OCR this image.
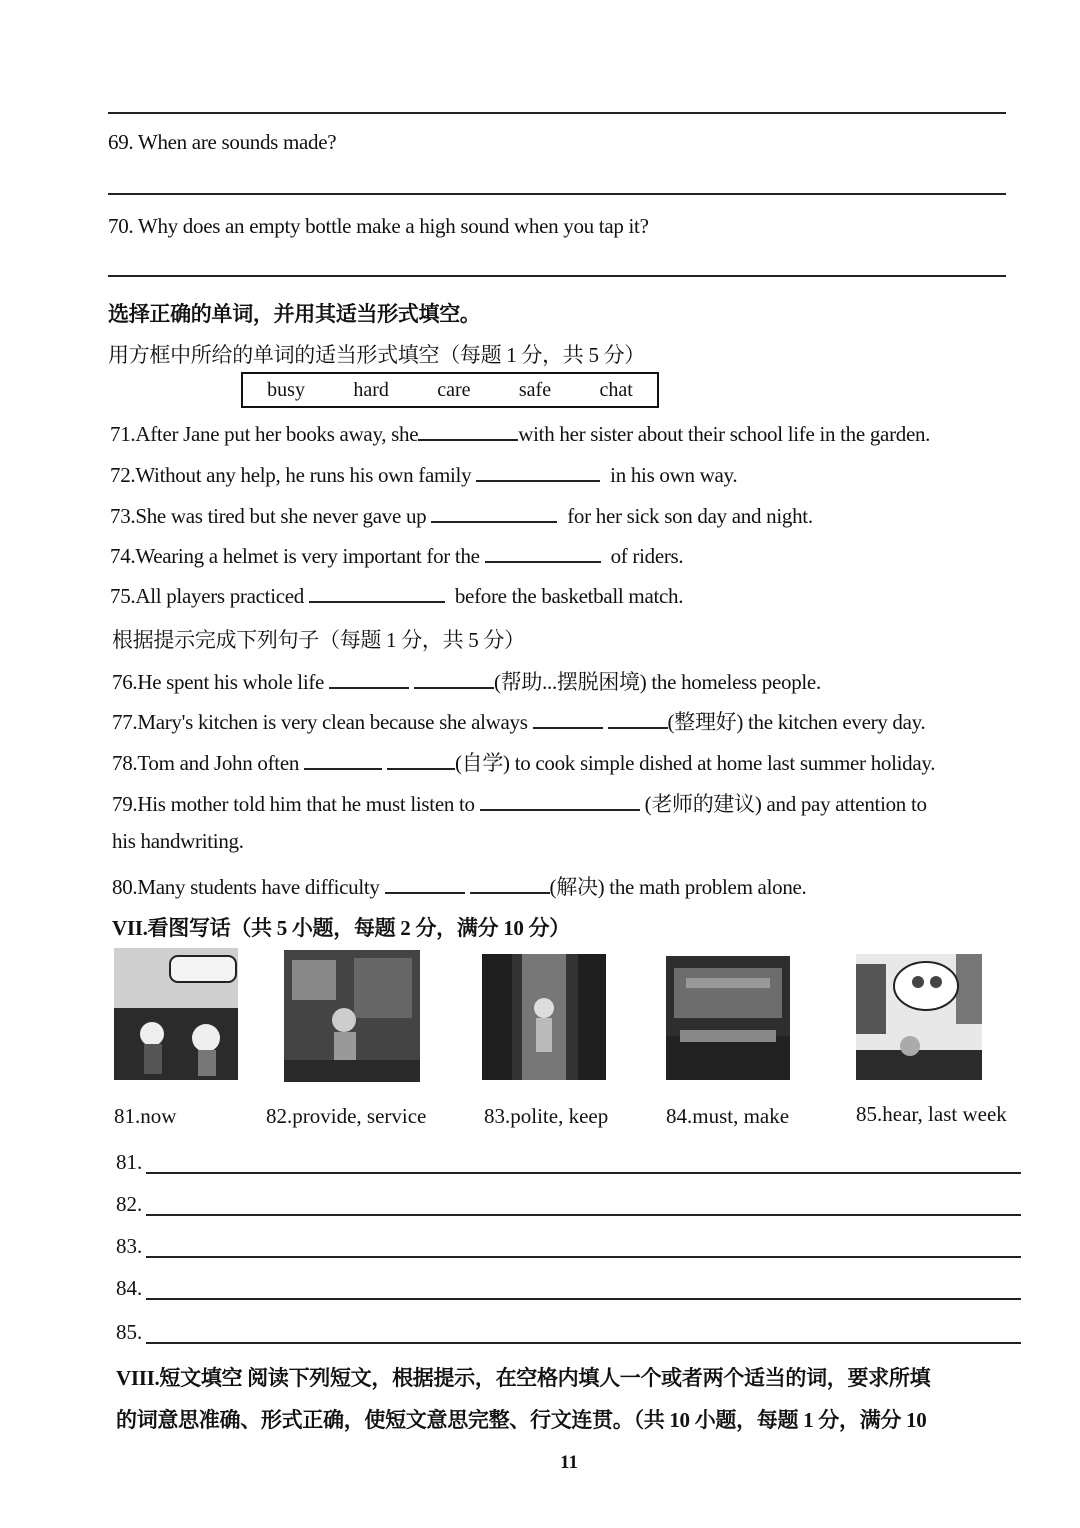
69. When are sounds made?
70. Why does an empty bottle make a high sound when you tap it?
选择正确的单词，并用其适当形式填空。
用方框中所给的单词的适当形式填空（每题 1 分，共 5 分）
busy hard care safe chat
71.After Jane put her books away, she	with her sister about their school life in the garden.
72.Without any help, he runs his own family	in his own way.
73.She was tired but she never gave up	for her sick son day and night.
74.Wearing a helmet is very important for the	of riders.
75.All players practiced	before the basketball match.
根据提示完成下列句子（每题 1 分，共 5 分）
76.He spent his whole life	(帮助...摆脱困境) the homeless people.
77.Mary's kitchen is very clean because she always	(整理好) the kitchen every day.
78.Tom and John often	(自学) to cook simple dished at home last summer holiday.
79.His mother told him that he must listen to	(老师的建议) and pay attention to
his handwriting.
80.Many students have difficulty	(解决) the math problem alone.
VII.看图写话（共 5 小题，每题 2 分，满分 10 分）
81.now	82.provide, service	83.polite, keep	84.must, make	85.hear, last week
81.
82.
83.
84.
85.
VIII.短文填空 阅读下列短文，根据提示，在空格内填人一个或者两个适当的词，要求所填
的词意思准确、形式正确，使短文意思完整、行文连贯。（共 10 小题，每题 1 分，满分 10
11
